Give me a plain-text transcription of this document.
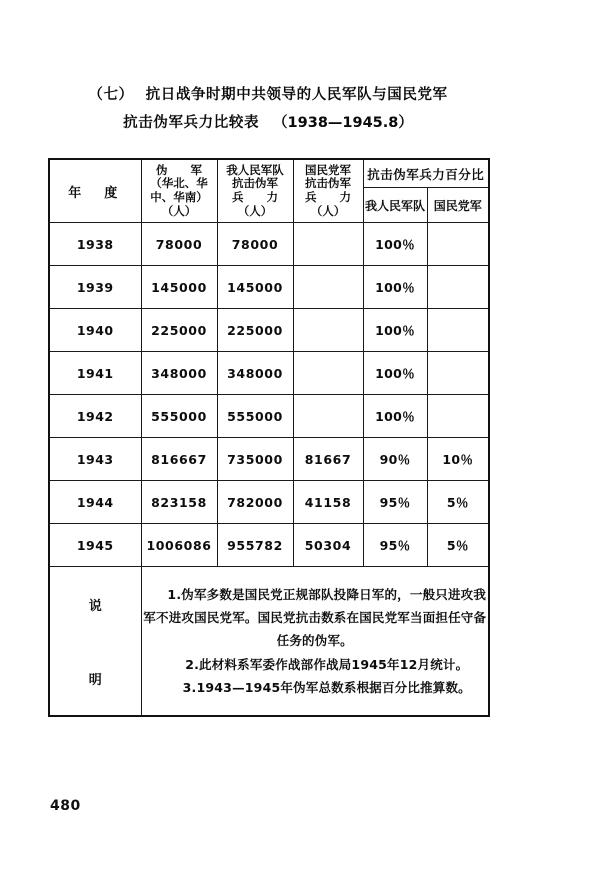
（七） 抗日战争时期中共领导的人民军队与国民党军
抗击伪军兵力比较表 （1938—1945.8）
年　度	伪　　军
（华北、华
中、华南）
（人）	我人民军队
抗击伪军
兵　　力
（人）	国民党军
抗击伪军
兵　　力
（人）	抗击伪军兵力百分比	
				我人民军队	国民党军
1938	78000	78000		100％	
1939	145000	145000		100％	
1940	225000	225000		100％	
1941	348000	348000		100％	
1942	555000	555000		100％	
1943	816667	735000	81667	90％	10％
1944	823158	782000	41158	95％	5％
1945	1006086	955782	50304	95％	5％

说
明

1.伪军多数是国民党正规部队投降日军的，一般只进攻我军不进攻国民党军。国民党抗击数系在国民党军当面担任守备任务的伪军。

2.此材料系军委作战部作战局1945年12月统计。

3.1943—1945年伪军总数系根据百分比推算数。

480
